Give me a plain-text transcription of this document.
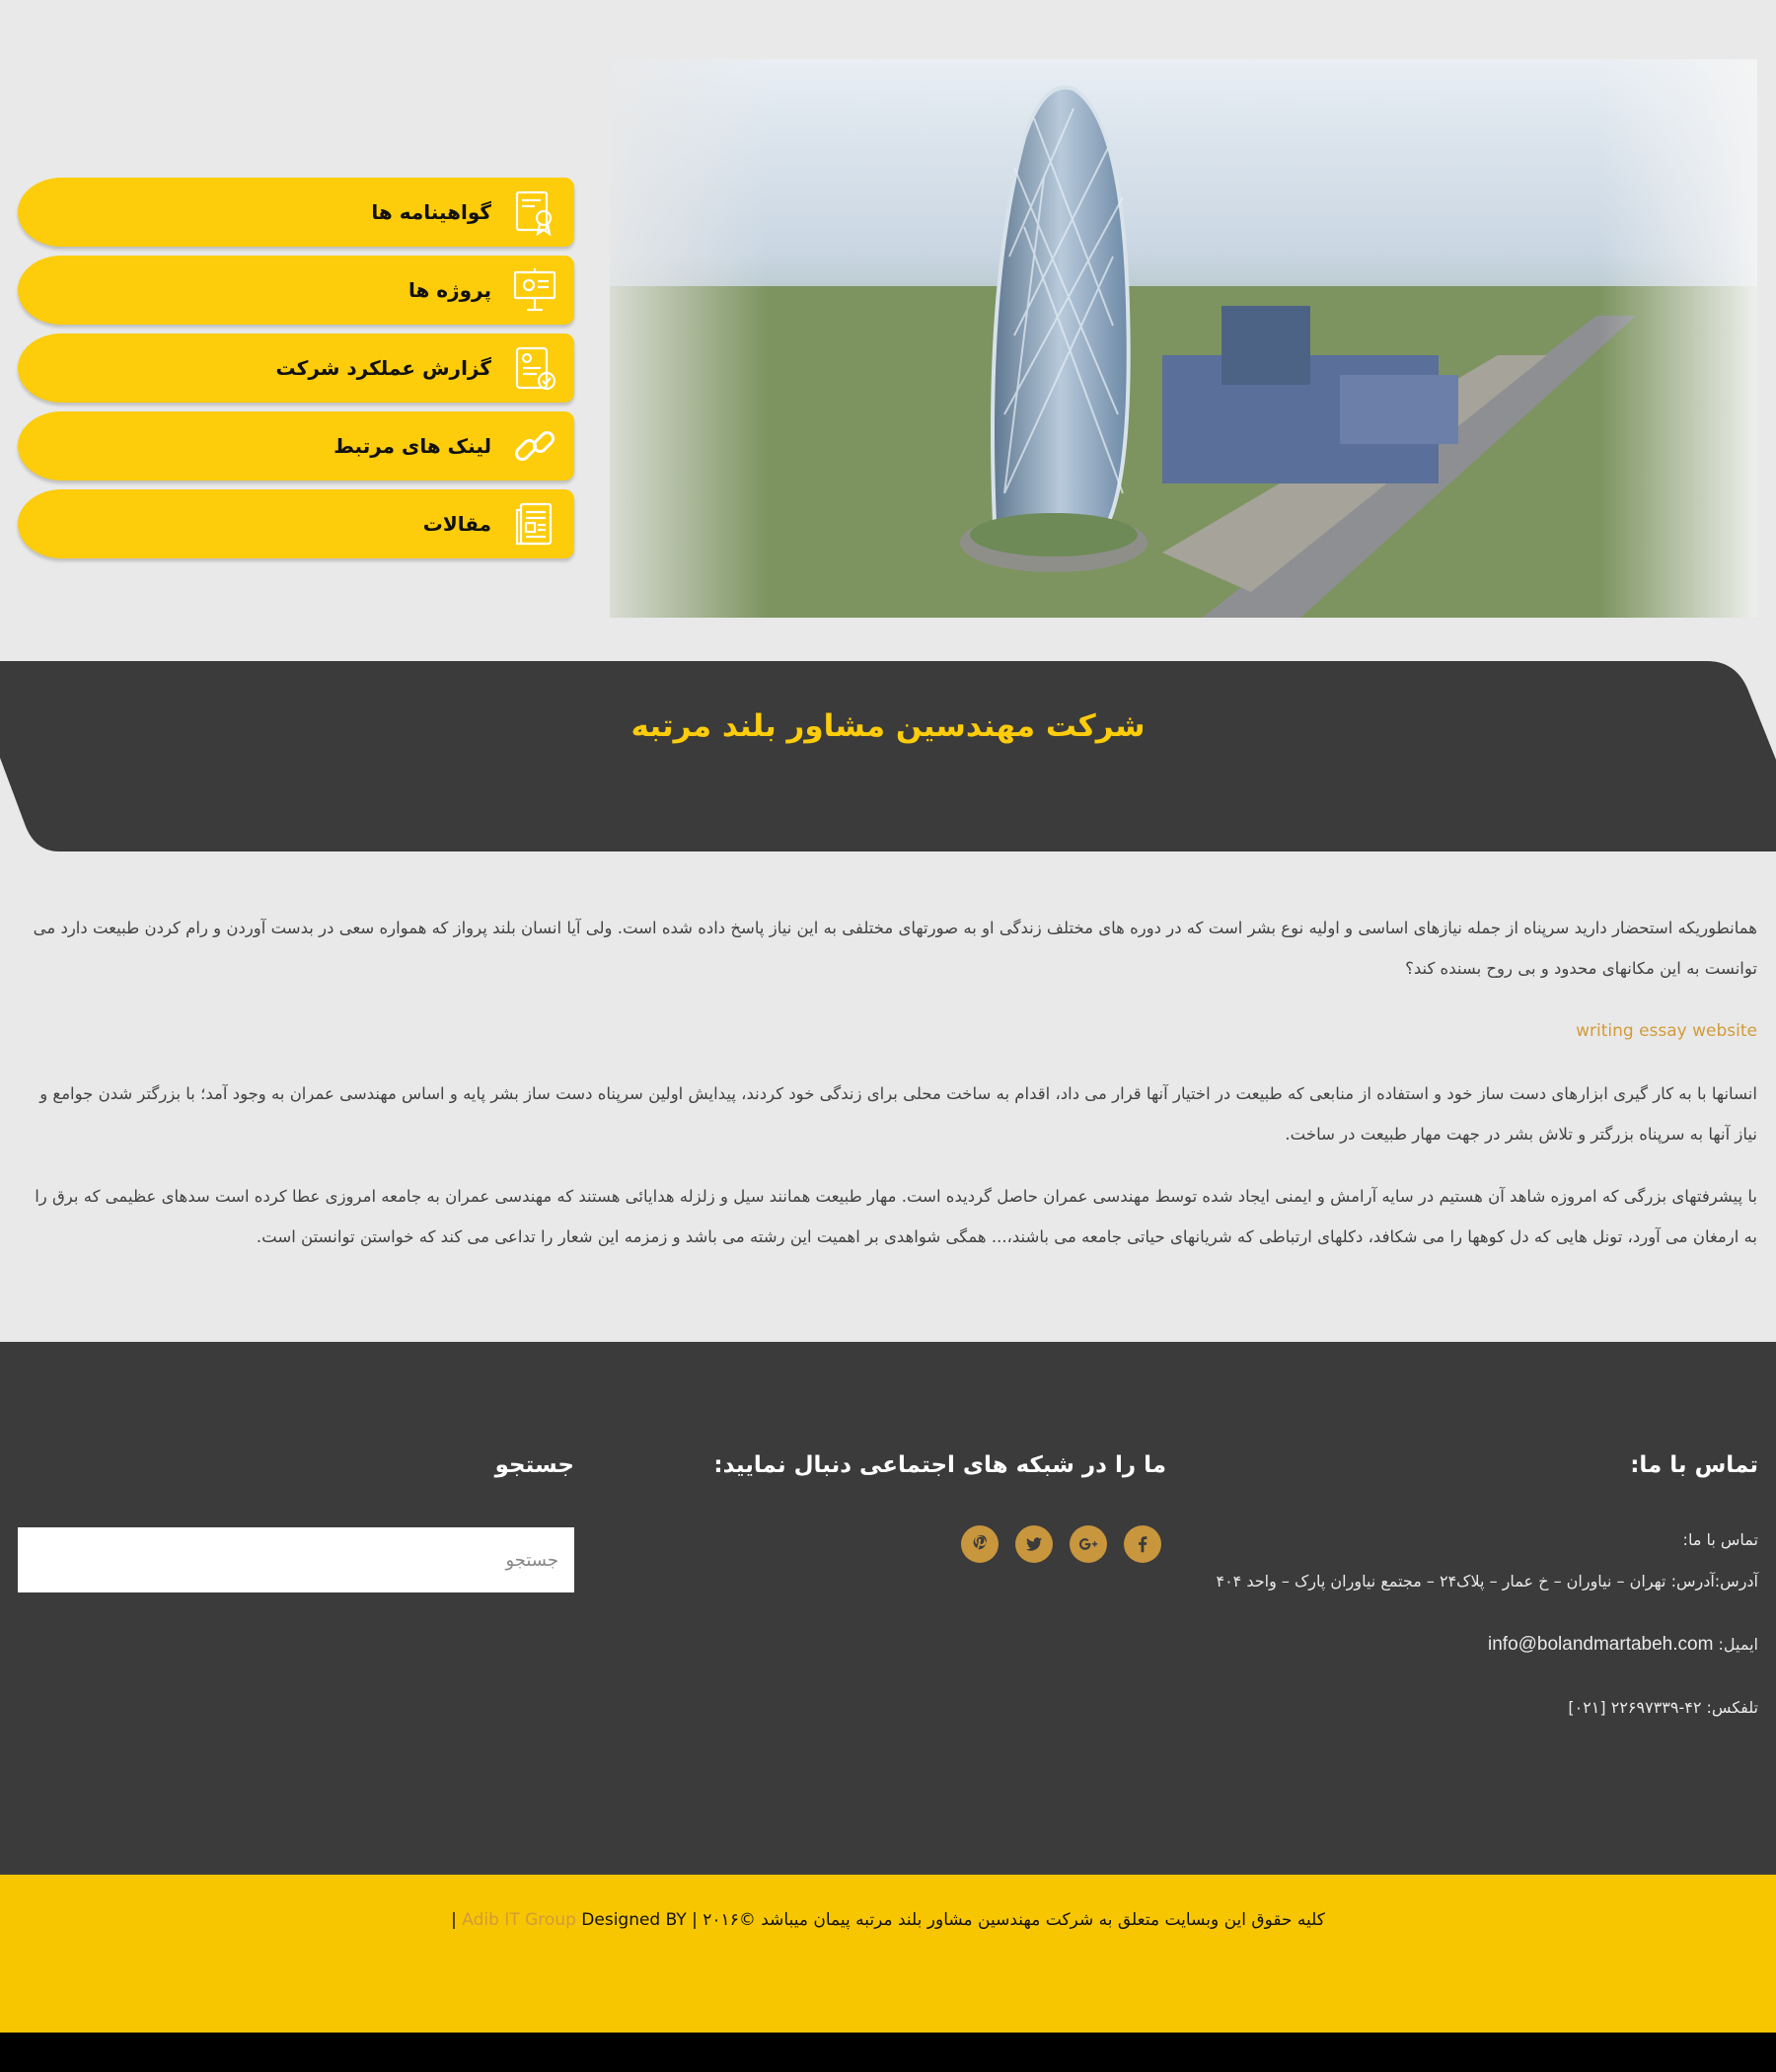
گواهینامه ها
پروژه ها
گزارش عملکرد شرکت
لینک های مرتبط
مقالات
شرکت مهندسین مشاور بلند مرتبه

همانطوریکه استحضار دارید سرپناه از جمله نیازهای اساسی و اولیه نوع بشر است که در دوره های مختلف زندگی او به صورتهای مختلفی به این نیاز پاسخ داده شده است. ولی آیا انسان بلند پرواز که همواره سعی در بدست آوردن و رام کردن طبیعت دارد می توانست به این مکانهای محدود و بی روح بسنده کند؟

writing essay website

انسانها با به کار گیری ابزارهای دست ساز خود و استفاده از منابعی که طبیعت در اختیار آنها قرار می داد، اقدام به ساخت محلی برای زندگی خود کردند، پیدایش اولین سرپناه دست ساز بشر پایه و اساس مهندسی عمران به وجود آمد؛ با بزرگتر شدن جوامع و نیاز آنها به سرپناه بزرگتر و تلاش بشر در جهت مهار طبیعت در ساخت.

با پیشرفتهای بزرگی که امروزه شاهد آن هستیم در سایه آرامش و ایمنی ایجاد شده توسط مهندسی عمران حاصل گردیده است. مهار طبیعت همانند سیل و زلزله هدایائی هستند که مهندسی عمران به جامعه امروزی عطا کرده است سدهای عظیمی که برق را به ارمغان می آورد، تونل هایی که دل کوهها را می شکافد، دکلهای ارتباطی که شریانهای حیاتی جامعه می باشند،... همگی شواهدی بر اهمیت این رشته می باشد و زمزمه این شعار را تداعی می کند که خواستن توانستن است.

تماس با ما:
ما را در شبکه های اجتماعی دنبال نمایید:
جستجو
تماس با ما:
آدرس:آدرس: تهران – نیاوران – خ عمار – پلاک۲۴ – مجتمع نیاوران پارک – واحد ۴۰۴
ایمیل: info@bolandmartabeh.com
تلفکس: ۴۲-۲۲۶۹۷۳۳۹ [۰۲۱]
جستجو
کلیه حقوق این وبسایت متعلق به شرکت مهندسین مشاور بلند مرتبه پیمان میباشد ©۲۰۱۶ | Adib IT Group Designed BY |
